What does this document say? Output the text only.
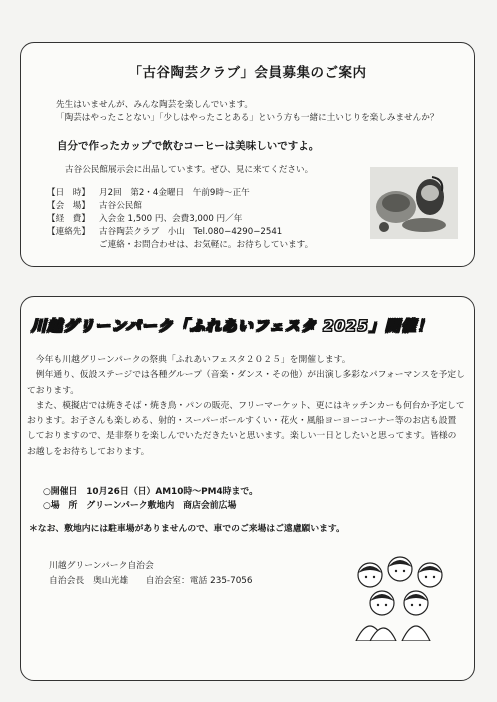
「古谷陶芸クラブ」会員募集のご案内
先生はいませんが、みんな陶芸を楽しんでいます。
「陶芸はやったことない」「少しはやったことある」という方も一緒に土いじりを楽しみませんか？
自分で作ったカップで飲むコーヒーは美味しいですよ。
古谷公民館展示会に出品しています。ぜひ、見に来てください。
【日　時】 月2回　第2・4金曜日　午前9時〜正午
【会　場】 古谷公民館
【経　費】 入会金 1,500 円、会費3,000 円／年
【連絡先】 古谷陶芸クラブ　小山　Tel.080−4290−2541
ご連絡・お問合わせは、お気軽に。お待ちしています。
川越グリーンパーク「ふれあいフェスタ 2025」開催！

今年も川越グリーンパークの祭典「ふれあいフェスタ２０２５」を開催します。

例年通り、仮設ステージでは各種グループ（音楽・ダンス・その他）が出演し多彩なパフォーマンスを予定しております。

また、模擬店では焼きそば・焼き鳥・パンの販売、フリーマーケット、更にはキッチンカーも何台か予定しております。お子さんも楽しめる、射的・スーパーボールすくい・花火・風船ヨーヨーコーナー等のお店も設置しておりますので、是非祭りを楽しんでいただきたいと思います。楽しい一日としたいと思ってます。皆様のお越しをお待ちしております。

○開催日　10月26日（日）AM10時〜PM4時まで。
○場　所　グリーンパーク敷地内　商店会前広場
＊なお、敷地内には駐車場がありませんので、車でのご来場はご遠慮願います。
川越グリーンパーク自治会
自治会長　奥山光雄　　自治会室：電話 235-7056
